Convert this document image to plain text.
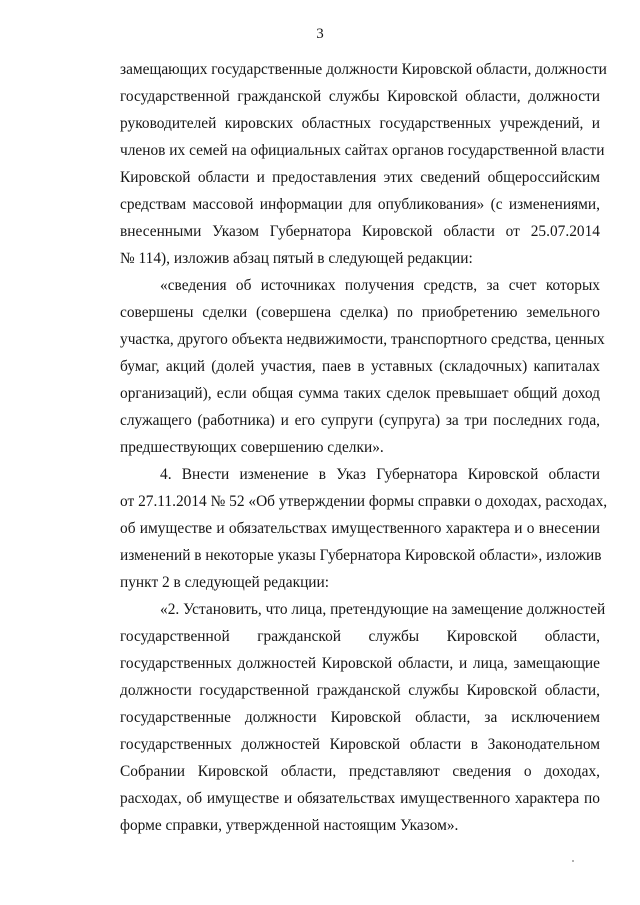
3
замещающих государственные должности Кировской области, должности
государственной гражданской службы Кировской области, должности
руководителей кировских областных государственных учреждений, и
членов их семей на официальных сайтах органов государственной власти
Кировской области и предоставления этих сведений общероссийским
средствам массовой информации для опубликования» (с изменениями,
внесенными Указом Губернатора Кировской области от 25.07.2014
№ 114), изложив абзац пятый в следующей редакции:
«сведения об источниках получения средств, за счет которых
совершены сделки (совершена сделка) по приобретению земельного
участка, другого объекта недвижимости, транспортного средства, ценных
бумаг, акций (долей участия, паев в уставных (складочных) капиталах
организаций), если общая сумма таких сделок превышает общий доход
служащего (работника) и его супруги (супруга) за три последних года,
предшествующих совершению сделки».
4. Внести изменение в Указ Губернатора Кировской области
от 27.11.2014 № 52 «Об утверждении формы справки о доходах, расходах,
об имуществе и обязательствах имущественного характера и о внесении
изменений в некоторые указы Губернатора Кировской области», изложив
пункт 2 в следующей редакции:
«2. Установить, что лица, претендующие на замещение должностей
государственной гражданской службы Кировской области,
государственных должностей Кировской области, и лица, замещающие
должности государственной гражданской службы Кировской области,
государственные должности Кировской области, за исключением
государственных должностей Кировской области в Законодательном
Собрании Кировской области, представляют сведения о доходах,
расходах, об имуществе и обязательствах имущественного характера по
форме справки, утвержденной настоящим Указом».
